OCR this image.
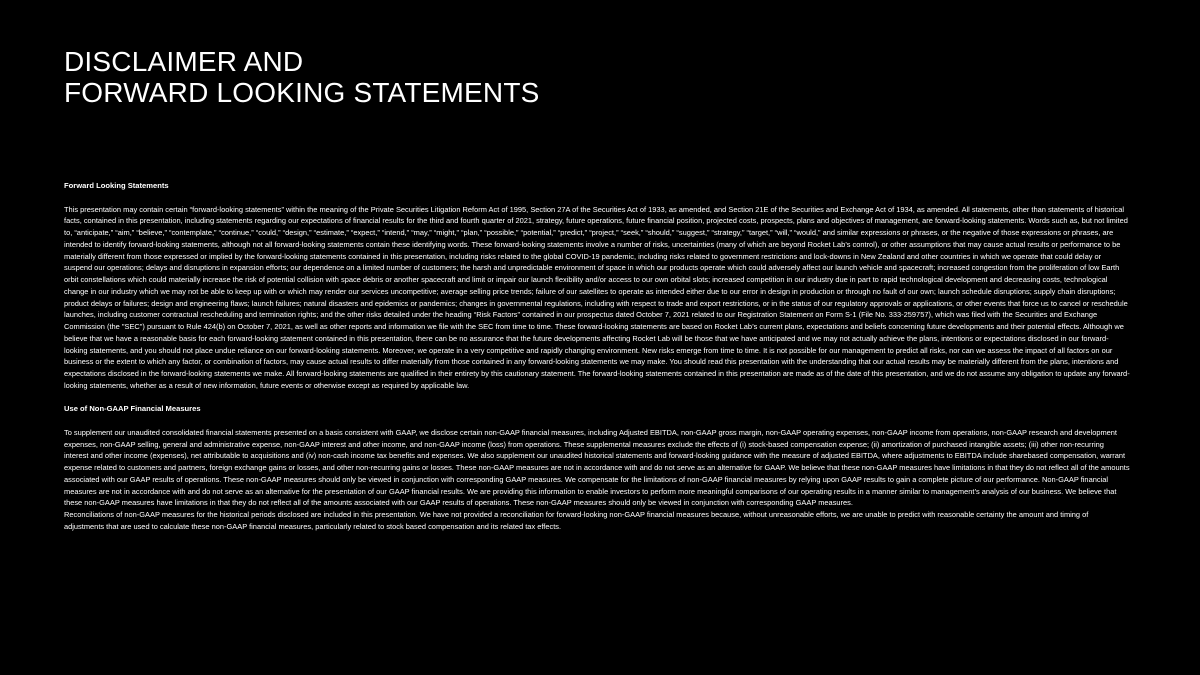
DISCLAIMER AND
FORWARD LOOKING STATEMENTS
Forward Looking Statements

This presentation may contain certain “forward-looking statements” within the meaning of the Private Securities Litigation Reform Act of 1995, Section 27A of the Securities Act of 1933, as amended, and Section 21E of the Securities and Exchange Act of 1934, as amended. All statements, other than statements of historical facts, contained in this presentation, including statements regarding our expectations of financial results for the third and fourth quarter of 2021, strategy, future operations, future financial position, projected costs, prospects, plans and objectives of management, are forward-looking statements. Words such as, but not limited to, “anticipate,” “aim,” “believe,” “contemplate,” “continue,” “could,” “design,” “estimate,” “expect,” “intend,” “may,” “might,” “plan,” “possible,” “potential,” “predict,” “project,” “seek,” “should,” “suggest,” “strategy,” “target,” “will,” “would,” and similar expressions or phrases, or the negative of those expressions or phrases, are intended to identify forward-looking statements, although not all forward-looking statements contain these identifying words. These forward-looking statements involve a number of risks, uncertainties (many of which are beyond Rocket Lab’s control), or other assumptions that may cause actual results or performance to be materially different from those expressed or implied by the forward-looking statements contained in this presentation, including risks related to the global COVID-19 pandemic, including risks related to government restrictions and lock-downs in New Zealand and other countries in which we operate that could delay or suspend our operations; delays and disruptions in expansion efforts; our dependence on a limited number of customers; the harsh and unpredictable environment of space in which our products operate which could adversely affect our launch vehicle and spacecraft; increased congestion from the proliferation of low Earth orbit constellations which could materially increase the risk of potential collision with space debris or another spacecraft and limit or impair our launch flexibility and/or access to our own orbital slots; increased competition in our industry due in part to rapid technological development and decreasing costs, technological change in our industry which we may not be able to keep up with or which may render our services uncompetitive; average selling price trends; failure of our satellites to operate as intended either due to our error in design in production or through no fault of our own; launch schedule disruptions; supply chain disruptions; product delays or failures; design and engineering flaws; launch failures; natural disasters and epidemics or pandemics; changes in governmental regulations, including with respect to trade and export restrictions, or in the status of our regulatory approvals or applications, or other events that force us to cancel or reschedule launches, including customer contractual rescheduling and termination rights; and the other risks detailed under the heading “Risk Factors” contained in our prospectus dated October 7, 2021 related to our Registration Statement on Form S-1 (File No. 333-259757), which was filed with the Securities and Exchange Commission (the "SEC") pursuant to Rule 424(b) on October 7, 2021, as well as other reports and information we file with the SEC from time to time. These forward-looking statements are based on Rocket Lab’s current plans, expectations and beliefs concerning future developments and their potential effects. Although we believe that we have a reasonable basis for each forward-looking statement contained in this presentation, there can be no assurance that the future developments affecting Rocket Lab will be those that we have anticipated and we may not actually achieve the plans, intentions or expectations disclosed in our forward-looking statements, and you should not place undue reliance on our forward-looking statements. Moreover, we operate in a very competitive and rapidly changing environment. New risks emerge from time to time. It is not possible for our management to predict all risks, nor can we assess the impact of all factors on our business or the extent to which any factor, or combination of factors, may cause actual results to differ materially from those contained in any forward-looking statements we may make. You should read this presentation with the understanding that our actual results may be materially different from the plans, intentions and expectations disclosed in the forward-looking statements we make. All forward-looking statements are qualified in their entirety by this cautionary statement. The forward-looking statements contained in this presentation are made as of the date of this presentation, and we do not assume any obligation to update any forward-looking statements, whether as a result of new information, future events or otherwise except as required by applicable law.

Use of Non-GAAP Financial Measures

To supplement our unaudited consolidated financial statements presented on a basis consistent with GAAP, we disclose certain non-GAAP financial measures, including Adjusted EBITDA, non-GAAP gross margin, non-GAAP operating expenses, non-GAAP income from operations, non-GAAP research and development expenses, non-GAAP selling, general and administrative expense, non-GAAP interest and other income, and non-GAAP income (loss) from operations. These supplemental measures exclude the effects of (i) stock-based compensation expense; (ii) amortization of purchased intangible assets; (iii) other non-recurring interest and other income (expenses), net attributable to acquisitions and (iv) non-cash income tax benefits and expenses. We also supplement our unaudited historical statements and forward-looking guidance with the measure of adjusted EBITDA, where adjustments to EBITDA include sharebased compensation, warrant expense related to customers and partners, foreign exchange gains or losses, and other non-recurring gains or losses. These non-GAAP measures are not in accordance with and do not serve as an alternative for GAAP. We believe that these non-GAAP measures have limitations in that they do not reflect all of the amounts associated with our GAAP results of operations. These non-GAAP measures should only be viewed in conjunction with corresponding GAAP measures. We compensate for the limitations of non-GAAP financial measures by relying upon GAAP results to gain a complete picture of our performance. Non-GAAP financial measures are not in accordance with and do not serve as an alternative for the presentation of our GAAP financial results. We are providing this information to enable investors to perform more meaningful comparisons of our operating results in a manner similar to management’s analysis of our business. We believe that these non-GAAP measures have limitations in that they do not reflect all of the amounts associated with our GAAP results of operations. These non-GAAP measures should only be viewed in conjunction with corresponding GAAP measures.

Reconciliations of non-GAAP measures for the historical periods disclosed are included in this presentation. We have not provided a reconciliation for forward-looking non-GAAP financial measures because, without unreasonable efforts, we are unable to predict with reasonable certainty the amount and timing of adjustments that are used to calculate these non-GAAP financial measures, particularly related to stock based compensation and its related tax effects.
